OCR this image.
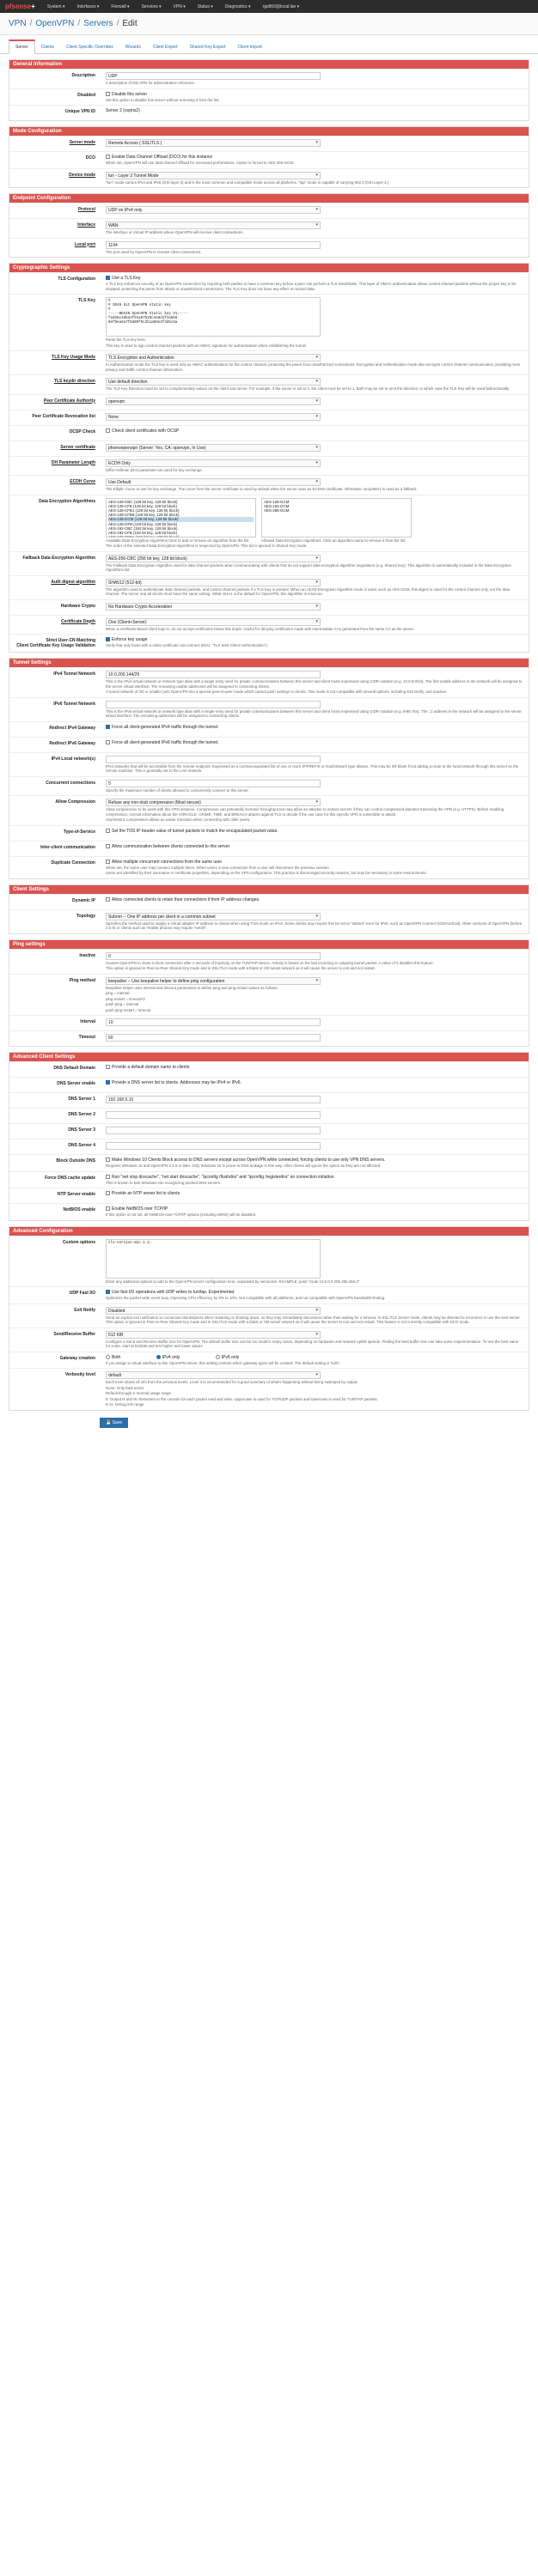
pfsense+	System ▾	Interfaces ▾	Firewall ▾	Services ▾	VPN ▾	Status ▾	Diagnostics ▾	rgs860@local.lan ▾
VPN / OpenVPN / Servers / Edit
Server	Clients	Client Specific Overrides	Wizards	Client Export	Shared Key Export	Client Import
General Information
Description	UDP
A description of this VPN for administrative reference.
Disabled	Disable this server
Set this option to disable this server without removing it from the list.
Unique VPN ID	Server 2 (ovpns2)
Mode Configuration
Server mode	Remote Access ( SSL/TLS ) ▾
DCO	Enable Data Channel Offload (DCO) for this instance
When set, OpenVPN will use data channel offload for increased performance. Cipher is forced to AES-256-GCM.
Device mode	tun - Layer 3 Tunnel Mode ▾
"tun" mode carries IPv4 and IPv6 (OSI layer 3) and is the most common and compatible mode across all platforms. "tap" mode is capable of carrying 802.3 (OSI Layer 2.)
Endpoint Configuration
Protocol	UDP on IPv4 only ▾
Interface	WAN ▾
The interface or Virtual IP address where OpenVPN will receive client connections.
Local port	1194
The port used by OpenVPN to receive client connections.
Cryptographic Settings
TLS Configuration	Use a TLS Key
A TLS key enhances security of an OpenVPN connection by requiring both parties to have a common key before a peer can perform a TLS handshake. This layer of HMAC authentication allows control channel packets without the proper key to be dropped, protecting the peers from attack or unauthorized connections. The TLS Key does not have any effect on tunnel data.
TLS Key	#
# 2048 bit OpenVPN static key
#
-----BEGIN OpenVPN Static key V1-----
fa4b5c3d6e2f91a07b28c4e8d1f3a5b6
8ef9ea6a7f6d80f9c2b1a03e3f4d5c6a
Paste the TLS key here.
This key is used to sign control channel packets with an HMAC signature for authentication when establishing the tunnel.
TLS Key Usage Mode	TLS Encryption and Authentication ▾
In Authentication mode the TLS key is used only as HMAC authentication for the control channel, protecting the peers from unauthorized connections. Encryption and Authentication mode also encrypts control channel communication, providing more privacy and traffic control channel obfuscation.
TLS keydir direction	Use default direction ▾
The TLS Key Direction must be set to complementary values on the client and server. For example, if the server is set to 0, the client must be set to 1. Both may be set to omit the direction, in which case the TLS Key will be used bidirectionally.
Peer Certificate Authority	openvpn ▾
Peer Certificate Revocation list	None ▾
OCSP Check	Check client certificates with OCSP
Server certificate	pfsensepenopn (Server: Yes, CA: openvpn, In Use) ▾
DH Parameter Length	ECDH Only ▾
Diffie-Hellman (DH) parameter set used for key exchange.
ECDH Curve	Use Default ▾
The Elliptic Curve to use for key exchange. The curve from the server certificate is used by default when the server uses an ECDSA certificate. Otherwise, secp384r1 is used as a fallback.
Data Encryption Algorithms	AES-128-CBC (128 bit key, 128 bit block)
AES-128-CFB (128 bit key, 128 bit block)
AES-128-CFB1 (128 bit key, 128 bit block)
AES-128-CFB8 (128 bit key, 128 bit block)
AES-128-GCM (128 bit key, 128 bit block)
AES-128-OFB (128 bit key, 128 bit block)
AES-192-CBC (192 bit key, 128 bit block)
AES-192-CFB (192 bit key, 128 bit block)
AES-128-GCM
AES-192-GCM
AES-256-GCM
Available Data Encryption Algorithms Click to add or remove an algorithm from the list	Allowed Data Encryption Algorithms. Click an algorithm name to remove it from the list
The order of the selected Data Encryption Algorithms is respected by OpenVPN. This list is ignored in Shared Key mode.
Fallback Data Encryption Algorithm	AES-256-CBC (256 bit key, 128 bit block) ▾
The Fallback Data Encryption Algorithm used for data channel packets when communicating with clients that do not support data encryption algorithm negotiation (e.g. Shared Key). This algorithm is automatically included in the Data Encryption Algorithms list.
Auth digest algorithm	SHA512 (512-bit) ▾
The algorithm used to authenticate data channel packets, and control channel packets if a TLS Key is present. When an AEAD Encryption Algorithm mode is used, such as AES-GCM, this digest is used for the control channel only, not the data channel. The server and all clients must have the same setting. While SHA1 is the default for OpenVPN, this algorithm is insecure.
Hardware Crypto	No Hardware Crypto Acceleration ▾
Certificate Depth	One (Client+Server) ▾
When a certificate-based client logs in, do not accept certificates below this depth. Useful for denying certificates made with intermediate CAs generated from the same CA as the server.
Strict User-CN Matching
Client Certificate Key Usage Validation
Enforce key usage
Verify that only hosts with a client certificate can connect (EKU: "TLS Web Client Authentication").
Tunnel Settings
IPv4 Tunnel Network	10.0.200.144/29
This is the IPv4 virtual network or network type alias with a single entry used for private communications between this server and client hosts expressed using CIDR notation (e.g. 10.0.8.0/24). The first usable address in the network will be assigned to the server virtual interface. The remaining usable addresses will be assigned to connecting clients.
A tunnel network of /30 or smaller puts OpenVPN into a special peer-to-peer mode which cannot push settings to clients. This mode is not compatible with several options, including Exit Notify, and Inactive.
IPv6 Tunnel Network
This is the IPv6 virtual network or network type alias with a single entry used for private communications between this server and client hosts expressed using CIDR notation (e.g. fe80::/64). The ::1 address in the network will be assigned to the server virtual interface. The remaining addresses will be assigned to connecting clients.
Redirect IPv4 Gateway	Force all client-generated IPv4 traffic through the tunnel.
Redirect IPv6 Gateway	Force all client-generated IPv6 traffic through the tunnel.
IPv4 Local network(s)
IPv4 networks that will be accessible from the remote endpoint. Expressed as a comma-separated list of one or more IP/PREFIX or host/network type aliases. This may be left blank if not adding a route to the local network through this tunnel on the remote machine. This is generally set to the LAN network.
Concurrent connections	5
Specify the maximum number of clients allowed to concurrently connect to this server.
Allow Compression	Refuse any non-stub compression (Most secure) ▾
Allow compression to be used with this VPN instance. Compression can potentially increase throughput but may allow an attacker to extract secrets if they can control compressed plaintext traversing the VPN (e.g. HTTPS). Before enabling compression, consult information about the VORACLE, CRIME, TIME, and BREACH attacks against TLS to decide if the use case for this specific VPN is vulnerable to attack.
Asymmetric compression allows an easier transition when connecting with older peers.
Type-of-Service	Set the TOS IP header value of tunnel packets to match the encapsulated packet value.
Inter-client communication	Allow communication between clients connected to this server
Duplicate Connection	Allow multiple concurrent connections from the same user
When set, the same user may connect multiple times. When unset, a new connection from a user will disconnect the previous session.
Users are identified by their username or certificate properties, depending on the VPN configuration. This practice is discouraged security reasons, but may be necessary in some environments.
Client Settings
Dynamic IP	Allow connected clients to retain their connections if their IP address changes.
Topology	Subnet -- One IP address per client in a common subnet ▾
Specifies the method used to supply a virtual adapter IP address to clients when using TUN mode on IPv4. Some clients may require this be set to "subnet" even for IPv6, such as OpenVPN Connect (iOS/Android). Older versions of OpenVPN (before 2.0.9) or clients such as Yealink phones may require "net30".
Ping settings
Inactive	0
Causes OpenVPN to close a client connection after n seconds of inactivity on the TUN/TAP device. Activity is based on the last incoming or outgoing tunnel packet. A value of 0 disables this feature.
This option is ignored in Peer-to-Peer Shared Key mode and in SSL/TLS mode with a blank or /30 tunnel network as it will cause the server to exit and not restart.
Ping method	keepalive -- Use keepalive helper to define ping configuration ▾
keepalive helper uses interval and timeout parameters to define ping and ping-restart values as follows:
ping = interval
ping-restart = timeout*2
push ping = interval
push ping-restart = timeout
Interval	10
Timeout	60
Advanced Client Settings
DNS Default Domain	Provide a default domain name to clients
DNS Server enable	Provide a DNS server list to clients. Addresses may be IPv4 or IPv6.
DNS Server 1	192.168.5.10
DNS Server 2
DNS Server 3
DNS Server 4
Block Outside DNS	Make Windows 10 Clients Block access to DNS servers except across OpenVPN while connected, forcing clients to use only VPN DNS servers.
Requires Windows 10 and OpenVPN 2.3.9 or later. Only Windows 10 is prone to DNS leakage in this way, other clients will ignore the option as they are not affected.
Force DNS cache update	Run "net stop dnscache", "net start dnscache", "ipconfig /flushdns" and "ipconfig /registerdns" on connection initiation.
This is known to kick Windows into recognizing pushed DNS servers.
NTP Server enable	Provide an NTP server list to clients
NetBIOS enable	Enable NetBIOS over TCP/IP
If this option is not set, all NetBIOS-over-TCP/IP options (including WINS) will be disabled.
Advanced Configuration
Custom options	tls-version-min 1.2;
Enter any additional options to add to the OpenVPN server configuration here, separated by semicolon. EXAMPLE: push "route 10.0.0.0 255.255.255.0"
UDP Fast I/O	Use fast I/O operations with UDP writes to tun/tap. Experimental.
Optimizes the packet write event loop, improving CPU efficiency by 5% to 10%. Not compatible with all platforms, and not compatible with OpenVPN bandwidth limiting.
Exit Notify	Disabled ▾
Send an explicit exit notification to connected clients/peers when restarting or shutting down, so they may immediately disconnect rather than waiting for a timeout. In SSL/TLS Server mode, clients may be directed to reconnect or use the next server. This option is ignored in Peer-to-Peer Shared Key mode and in SSL/TLS mode with a blank or /30 tunnel network as it will cause the server to exit and not restart. This feature is not currently compatible with DCO mode.
Send/Receive Buffer	512 KiB ▾
Configure a Send and Receive Buffer size for OpenVPN. The default buffer size can be too small in many cases, depending on hardware and network uplink speeds. Finding the best buffer size can take some experimentation. To test the best value for a site, start at 512KiB and test higher and lower values.
Gateway creation	Both	IPv4 only	IPv6 only
If you assign a virtual interface to this OpenVPN server, this setting controls which gateway types will be created. The default setting is 'both'.
Verbosity level	default ▾
Each level shows all info from the previous levels. Level 3 is recommended for a good summary of what's happening without being swamped by output.
None: Only fatal errors
Default through 4: Normal usage range
5: Output R and W characters to the console for each packet read and write. Uppercase is used for TCP/UDP packets and lowercase is used for TUN/TAP packets.
6-11: Debug info range
💾 Save
